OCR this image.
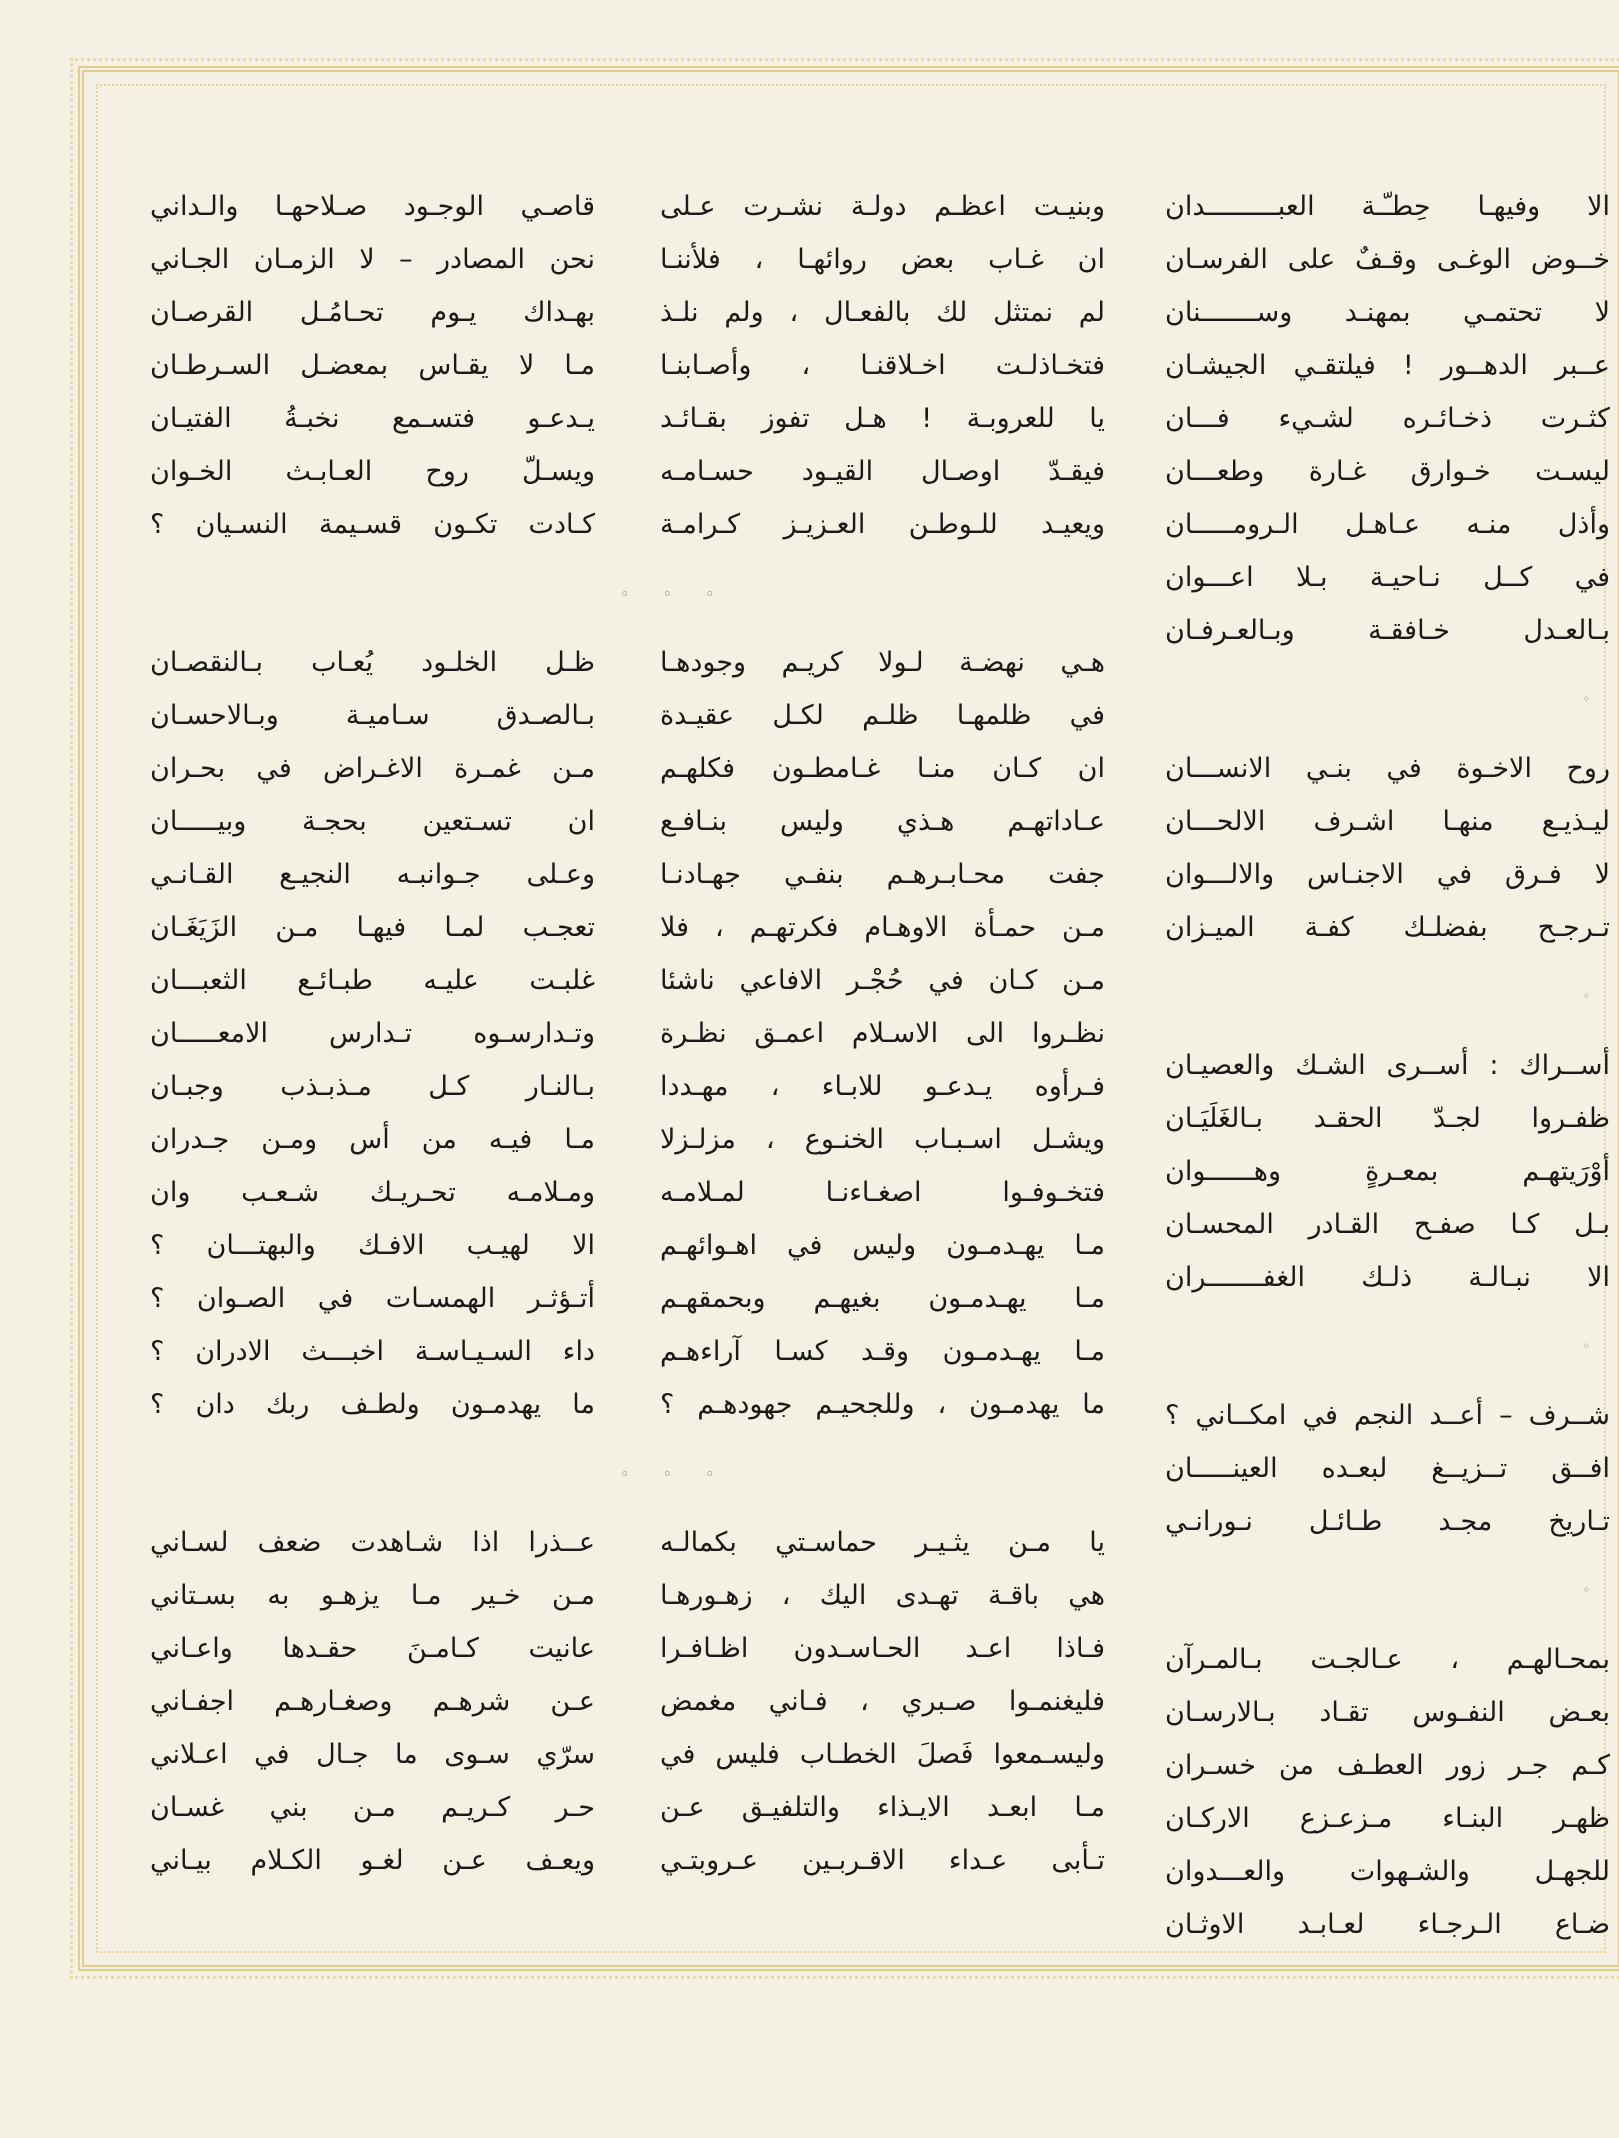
الا وفيهـا حِطـّـة العبـــــــــدان
خــوض الوغـى وقـفٌ على الفرسـان
لا تحتمـي بمهنـد وســـــــنان
عــبر الدهــور ! فيلتقـي الجيشـان
كثـرت ذخـائـره لشـيء فـــان
ليسـت خـوارق غـارة وطعـــان
وأذل منـه عـاهـل الـرومـــــان
في كــل نـاحيـة بـلا اعـــوان
بـالعـدل خـافقـة وبـالعـرفـان
◦
روح الاخـوة في بنـي الانســـان
ليـذيـع منهـا اشـرف الالحـــان
لا فـرق في الاجنـاس والالـــوان
تـرجـح بفضلـك كفـة الميـزان
◦
أســراك : أســرى الشـك والعصيـان
ظفـروا لجـدّ الحقـد بـالغَلَيَـان
أوْرَيتهـم بمعـرةٍ وهــــــوان
بـل كـا صفـح القـادر المحسـان
الا نبـالـة ذلـك الغفـــــــران
◦
شــرف – أعــد النجم في امكــاني ؟
افــق تــزيــغ لبعـده العينـــــان
تـاريخ مجـد طـائـل نـورانـي
◦
بمحـالهـم ، عـالجـت بـالمـرآن
بعـض النفـوس تقـاد بـالارسـان
كـم جـر زور العطـف من خسـران
ظهـر البنـاء مـزعـزع الاركـان
للجهـل والشـهوات والعـــدوان
ضـاع الـرجـاء لعـابـد الاوثـان
وبنيـت اعظـم دولـة نشـرت عـلى
ان غـاب بعض روائهـا ، فلأننـا
لم نمتثل لك بالفعـال ، ولم نلـذ
فتخـاذلـت اخـلاقنـا ، وأصـابنـا
يا للعروبـة ! هـل تفوز بقـائـد
فيقـدّ اوصـال القيـود حسـامـه
ويعيـد للـوطـن العـزيـز كـرامـة
◦ ◦ ◦
هـي نهضـة لـولا كريـم وجودهـا
في ظلمهـا ظلـم لكـل عقيـدة
ان كـان منـا غـامطـون فكلهـم
عـاداتهـم هـذي وليس بنـافـع
جفت محـابـرهـم بنفـي جهـادنـا
مـن حمـأة الاوهـام فكرتهـم ، فلا
مـن كـان في حُجْـر الافاعي ناشئا
نظـروا الى الاسـلام اعمـق نظـرة
فـرأوه يـدعـو للابـاء ، مهـددا
ويشـل اسـبـاب الخنـوع ، مزلـزلا
فتخـوفـوا اصغـاءنـا لمـلامـه
مـا يهـدمـون وليس في اهـوائهـم
مـا يهـدمـون بغيهـم وبحمقهـم
مـا يهـدمـون وقـد كسـا آراءهـم
ما يهدمـون ، وللجحيـم جهودهـم ؟
◦ ◦ ◦
يا مـن يثـيـر حماسـتي بكمالـه
هي باقـة تهـدى اليك ، زهـورهـا
فـاذا اعـد الحـاسـدون اظـافـرا
فليغنمـوا صـبري ، فـاني مغمض
وليسـمعوا فَصلَ الخطـاب فليس في
مـا ابعـد الايـذاء والتلفيـق عـن
تـأبى عـداء الاقـربـين عـروبتـي
قاصـي الوجـود صـلاحهـا والـداني
نحن المصادر – لا الزمـان الجـاني
بهـداك يـوم تحـامُـل القرصـان
مـا لا يقـاس بمعضـل السـرطـان
يـدعـو فتسـمع نخبـةُ الفتيـان
ويسـلّ روح العـابـث الخـوان
كـادت تكـون قسـيمة النسـيان ؟
ظـل الخلـود يُعـاب بـالنقصـان
بـالصـدق سـاميـة وبـالاحسـان
مـن غمـرة الاغـراض في بحـران
ان تسـتعين بحجـة وبيـــــان
وعـلى جـوانبـه النجيـع القـانـي
تعجـب لمـا فيهـا مـن الزَيَغَـان
غلبـت عليـه طبـائـع الثعبـــان
وتـدارسـوه تـدارس الامعـــــان
بـالنـار كـل مـذبـذب وجبـان
مـا فيـه من أس ومـن جـدران
ومـلامـه تحـريـك شـعـب وان
الا لهيـب الافـك والبهتـــان ؟
أتـؤثـر الهمسـات في الصـوان ؟
داء السـيـاسـة اخبـــث الادران ؟
ما يهدمـون ولطـف ربك دان ؟
عــذرا اذا شـاهدت ضعف لسـاني
مـن خـير مـا يزهـو به بسـتاني
عانيت كـامـنَ حقـدها واعـاني
عـن شرهـم وصغـارهـم اجفـاني
سرّي سـوى ما جـال في اعـلاني
حـر كـريـم مـن بني غسـان
ويعـف عـن لغـو الكـلام بيـاني
